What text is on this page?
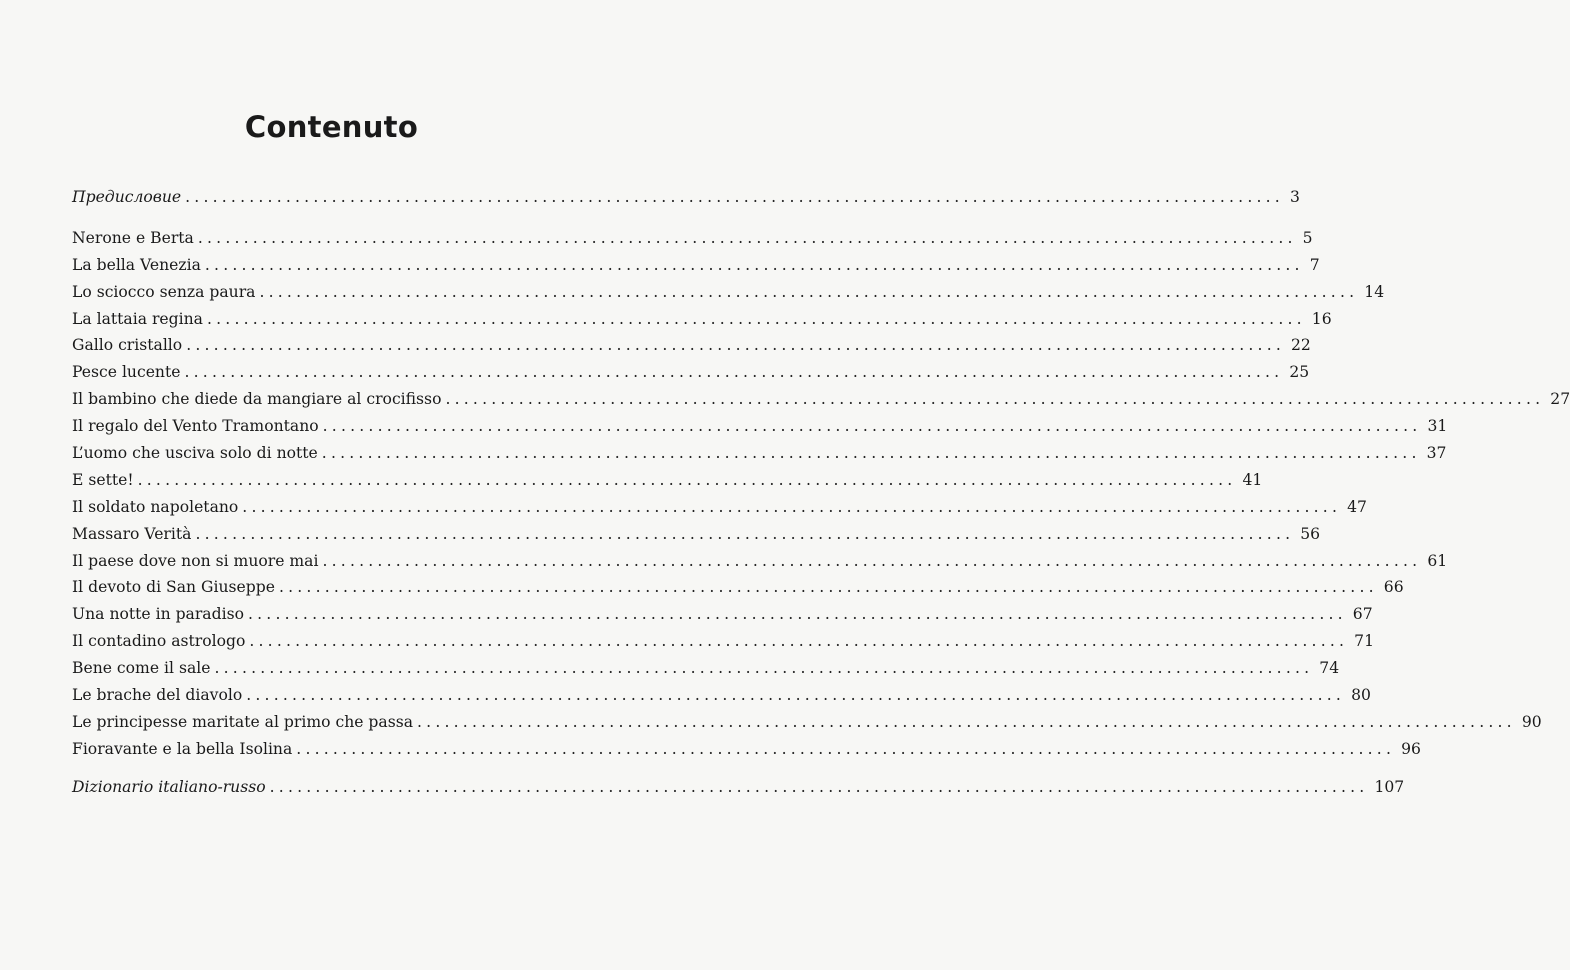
Contenuto
Предисловие ........................................................................................................................ 3
Nerone e Berta ........................................................................................................................ 5
La bella Venezia ........................................................................................................................ 7
Lo sciocco senza paura ........................................................................................................................ 14
La lattaia regina ........................................................................................................................ 16
Gallo cristallo ........................................................................................................................ 22
Pesce lucente ........................................................................................................................ 25
Il bambino che diede da mangiare al crocifisso ........................................................................................................................ 27
Il regalo del Vento Tramontano ........................................................................................................................ 31
L’uomo che usciva solo di notte ........................................................................................................................ 37
E sette! ........................................................................................................................ 41
Il soldato napoletano ........................................................................................................................ 47
Massaro Verità ........................................................................................................................ 56
Il paese dove non si muore mai ........................................................................................................................ 61
Il devoto di San Giuseppe ........................................................................................................................ 66
Una notte in paradiso ........................................................................................................................ 67
Il contadino astrologo ........................................................................................................................ 71
Bene come il sale ........................................................................................................................ 74
Le brache del diavolo ........................................................................................................................ 80
Le principesse maritate al primo che passa ........................................................................................................................ 90
Fioravante e la bella Isolina ........................................................................................................................ 96
Dizionario italiano-russo ........................................................................................................................ 107
